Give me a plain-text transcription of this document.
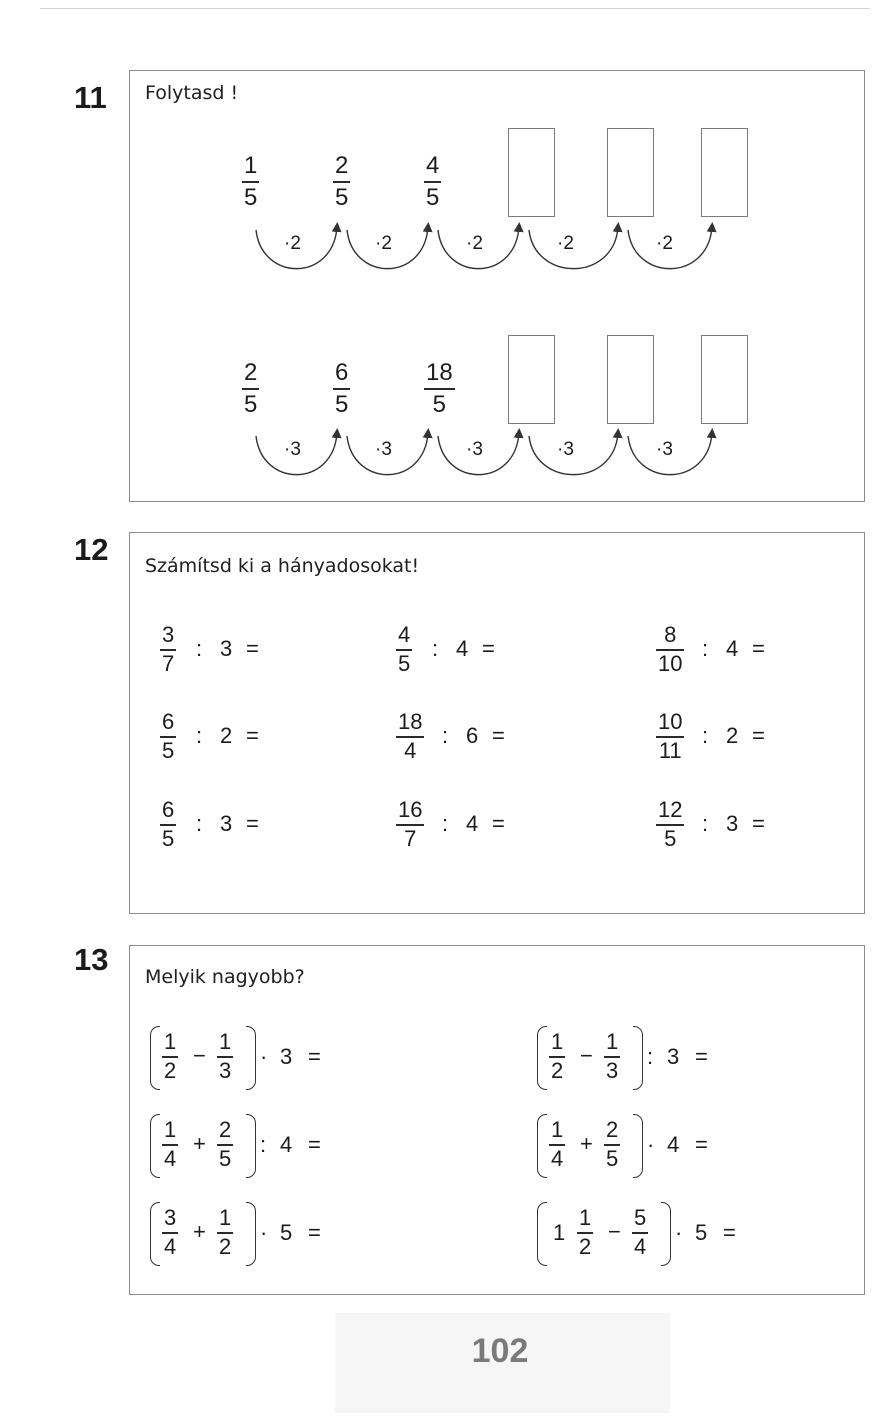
11 Folytasd !
1
5
2
5
4
5
·2	·2	·2	·2	·2
2
5
6
5
18
5
·3	·3	·3	·3	·3
12 Számítsd ki a hányadosokat!
3
7
: 3 =
4
5
: 4 =
8
10
: 4 =
6
5
: 2 =
18
4
: 6 =
10
11
: 2 =
6
5
: 3 =
16
7
: 4 =
12
5
: 3 =
13 Melyik nagyobb?
1
2
−
1
3
· 3 =
1
2
−
1
3
: 3 =
1
4
+
2
5
: 4 =
1
4
+
2
5
· 4 =
3
4
+
1
2
· 5 =	1
1
2
−
5
4
· 5 =
102
